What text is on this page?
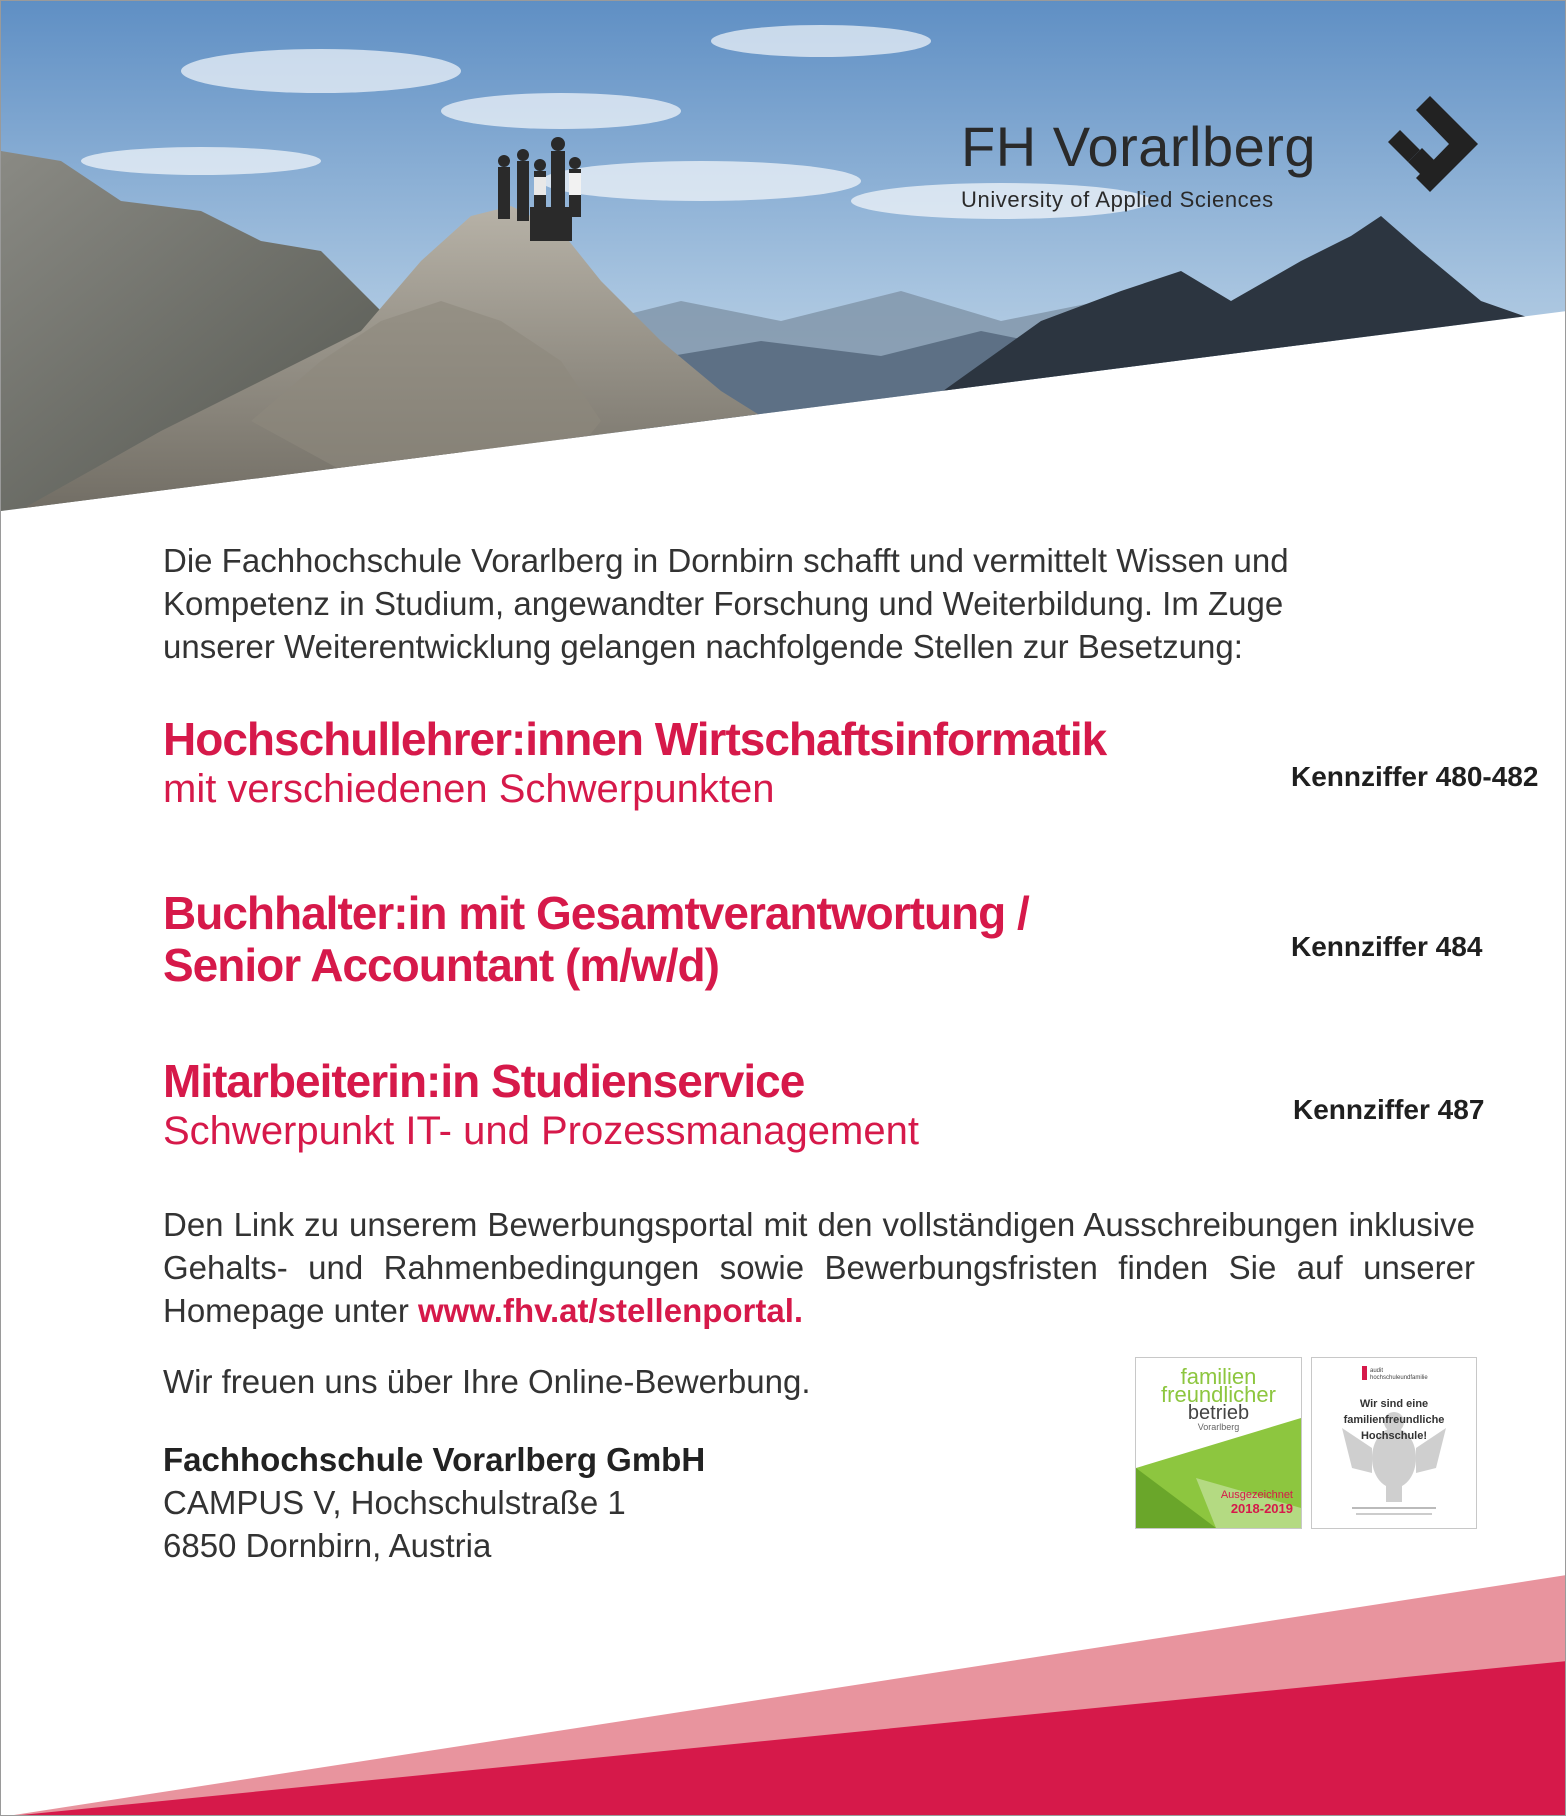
FH Vorarlberg
University of Applied Sciences
Die Fachhochschule Vorarlberg in Dornbirn schafft und vermittelt Wissen und Kompetenz in Studium, angewandter Forschung und Weiterbildung. Im Zuge unserer Weiterentwicklung gelangen nachfolgende Stellen zur Besetzung:
Hochschullehrer:innen Wirtschaftsinformatik
mit verschiedenen Schwerpunkten	Kennziffer 480-482
Buchhalter:in mit Gesamtverantwortung /
Senior Accountant (m/w/d)	Kennziffer 484
Mitarbeiterin:in Studienservice
Schwerpunkt IT- und Prozessmanagement	Kennziffer 487
Den Link zu unserem Bewerbungsportal mit den vollständigen Ausschreibungen inklusive Gehalts- und Rahmenbedingungen sowie Bewerbungsfristen finden Sie auf unserer Homepage unter www.fhv.at/stellenportal.
Wir freuen uns über Ihre Online-Bewerbung.
Fachhochschule Vorarlberg GmbH
CAMPUS V, Hochschulstraße 1
6850 Dornbirn, Austria
familien
freundlicher
betrieb
Vorarlberg
Ausgezeichnet
2018-2019
audit
hochschuleundfamilie
Wir sind eine
familienfreundliche
Hochschule!
